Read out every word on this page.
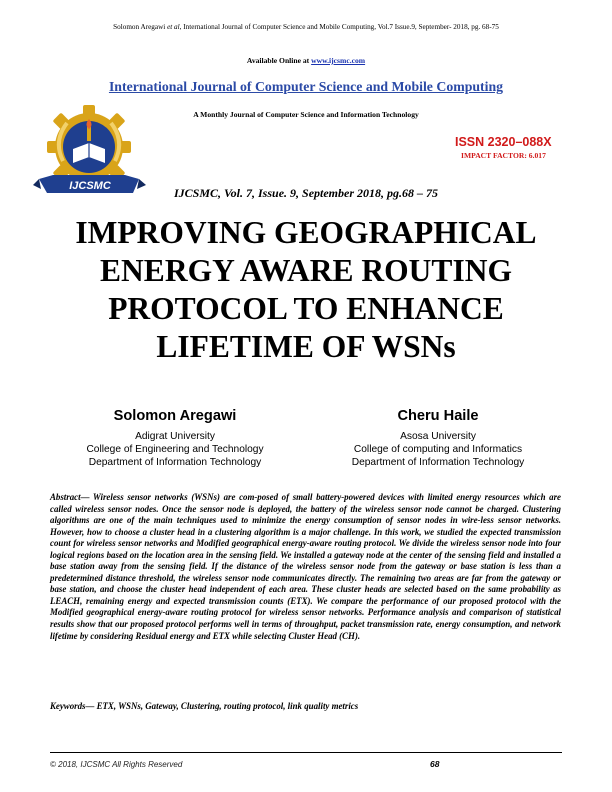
Solomon Aregawi et al, International Journal of Computer Science and Mobile Computing, Vol.7 Issue.9, September- 2018, pg. 68-75
Available Online at www.ijcsmc.com
International Journal of Computer Science and Mobile Computing
A Monthly Journal of Computer Science and Information Technology
IJCSMC
ISSN 2320–088X
IMPACT FACTOR: 6.017
IJCSMC, Vol. 7, Issue. 9, September 2018, pg.68 – 75
IMPROVING GEOGRAPHICAL
ENERGY AWARE ROUTING
PROTOCOL TO ENHANCE
LIFETIME OF WSNs
Solomon Aregawi
Adigrat University
College of Engineering and Technology
Department of Information Technology
Cheru Haile
Asosa University
College of computing and Informatics
Department of Information Technology
Abstract— Wireless sensor networks (WSNs) are com-posed of small battery-powered devices with limited energy resources which are called wireless sensor nodes. Once the sensor node is deployed, the battery of the wireless sensor node cannot be charged. Clustering algorithms are one of the main techniques used to minimize the energy consumption of sensor nodes in wire-less sensor networks. However, how to choose a cluster head in a clustering algorithm is a major challenge. In this work, we studied the expected transmission count for wireless sensor networks and Modified geographical energy-aware routing protocol. We divide the wireless sensor node into four logical regions based on the location area in the sensing field. We installed a gateway node at the center of the sensing field and installed a base station away from the sensing field. If the distance of the wireless sensor node from the gateway or base station is less than a predetermined distance threshold, the wireless sensor node communicates directly. The remaining two areas are far from the gateway or base station, and choose the cluster head independent of each area. These cluster heads are selected based on the same probability as LEACH, remaining energy and expected transmission counts (ETX). We compare the performance of our proposed protocol with the Modified geographical energy-aware routing protocol for wireless sensor networks. Performance analysis and comparison of statistical results show that our proposed protocol performs well in terms of throughput, packet transmission rate, energy consumption, and network lifetime by considering Residual energy and ETX while selecting Cluster Head (CH).
Keywords— ETX, WSNs, Gateway, Clustering, routing protocol, link quality metrics
© 2018, IJCSMC All Rights Reserved	68
